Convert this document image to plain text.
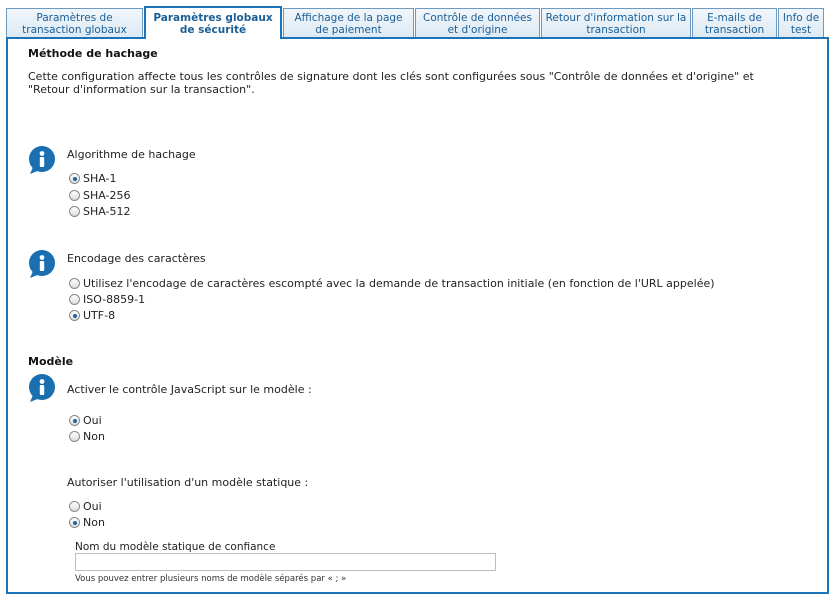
Paramètres de transaction globaux
Paramètres globaux de sécurité
Affichage de la page de paiement
Contrôle de données et d'origine
Retour d'information sur la transaction
E-mails de transaction
Info de test
Méthode de hachage
Cette configuration affecte tous les contrôles de signature dont les clés sont configurées sous "Contrôle de données et d'origine" et "Retour d'information sur la transaction".
Algorithme de hachage
SHA-1
SHA-256
SHA-512
Encodage des caractères
Utilisez l'encodage de caractères escompté avec la demande de transaction initiale (en fonction de l'URL appelée)
ISO-8859-1
UTF-8
Modèle
Activer le contrôle JavaScript sur le modèle :
Oui
Non
Autoriser l'utilisation d'un modèle statique :
Oui
Non
Nom du modèle statique de confiance
Vous pouvez entrer plusieurs noms de modèle séparés par « ; »
